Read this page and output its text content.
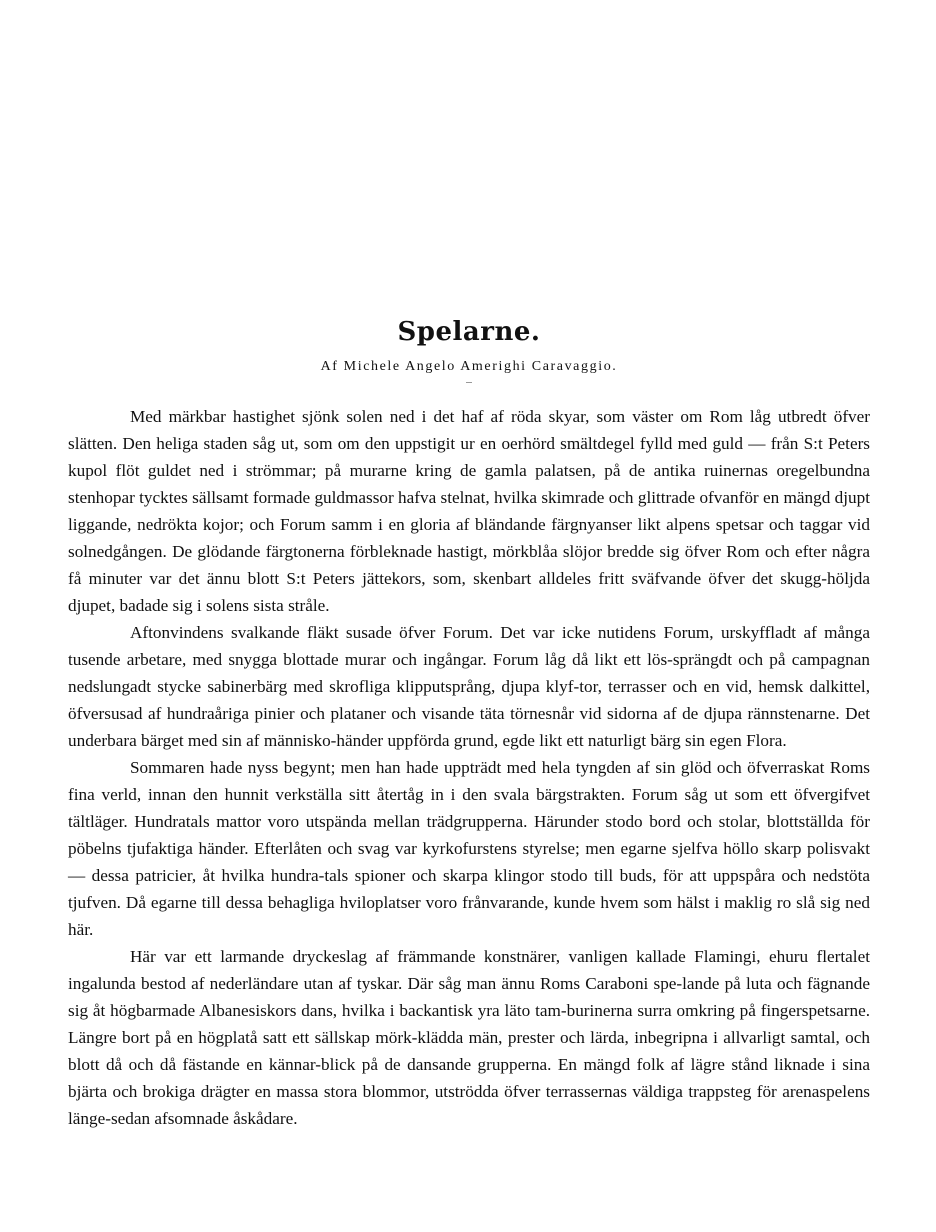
Spelarne.

Af Michele Angelo Amerighi Caravaggio.

Med märkbar hastighet sjönk solen ned i det haf af röda skyar, som väster om Rom låg utbredt öfver slätten. Den heliga staden såg ut, som om den uppstigit ur en oerhörd smältdegel fylld med guld — från S:t Peters kupol flöt guldet ned i strömmar; på murarne kring de gamla palatsen, på de antika ruinernas oregelbundna stenhopar tycktes sällsamt formade guldmassor hafva stelnat, hvilka skimrade och glittrade ofvanför en mängd djupt liggande, nedrökta kojor; och Forum samm i en gloria af bländande färgnyanser likt alpens spetsar och taggar vid solnedgången. De glödande färgtonerna förbleknade hastigt, mörkblåa slöjor bredde sig öfver Rom och efter några få minuter var det ännu blott S:t Peters jättekors, som, skenbart alldeles fritt sväfvande öfver det skugg-höljda djupet, badade sig i solens sista stråle.

Aftonvindens svalkande fläkt susade öfver Forum. Det var icke nutidens Forum, urskyffladt af många tusende arbetare, med snygga blottade murar och ingångar. Forum låg då likt ett lös-sprängdt och på campagnan nedslungadt stycke sabinerbärg med skrofliga klipputsprång, djupa klyf-tor, terrasser och en vid, hemsk dalkittel, öfversusad af hundraåriga pinier och plataner och visande täta törnesnår vid sidorna af de djupa rännstenarne. Det underbara bärget med sin af människo-händer uppförda grund, egde likt ett naturligt bärg sin egen Flora.

Sommaren hade nyss begynt; men han hade uppträdt med hela tyngden af sin glöd och öfverraskat Roms fina verld, innan den hunnit verkställa sitt återtåg in i den svala bärgstrakten. Forum såg ut som ett öfvergifvet tältläger. Hundratals mattor voro utspända mellan trädgrupperna. Härunder stodo bord och stolar, blottställda för pöbelns tjufaktiga händer. Efterlåten och svag var kyrkofurstens styrelse; men egarne sjelfva höllo skarp polisvakt — dessa patricier, åt hvilka hundra-tals spioner och skarpa klingor stodo till buds, för att uppspåra och nedstöta tjufven. Då egarne till dessa behagliga hviloplatser voro frånvarande, kunde hvem som hälst i maklig ro slå sig ned här.

Här var ett larmande dryckeslag af främmande konstnärer, vanligen kallade Flamingi, ehuru flertalet ingalunda bestod af nederländare utan af tyskar. Där såg man ännu Roms Caraboni spe-lande på luta och fägnande sig åt högbarmade Albanesiskors dans, hvilka i backantisk yra läto tam-burinerna surra omkring på fingerspetsarne. Längre bort på en högplatå satt ett sällskap mörk-klädda män, prester och lärda, inbegripna i allvarligt samtal, och blott då och då fästande en kännar-blick på de dansande grupperna. En mängd folk af lägre stånd liknade i sina bjärta och brokiga drägter en massa stora blommor, utströdda öfver terrassernas väldiga trappsteg för arenaspelens länge-sedan afsomnade åskådare.
